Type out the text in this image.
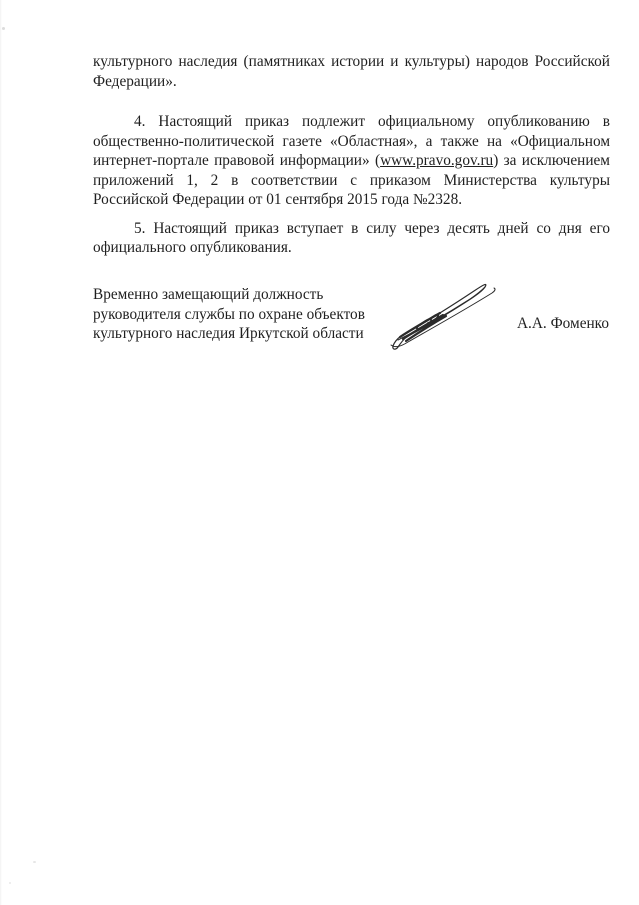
культурного наследия (памятниках истории и культуры) народов Российской Федерации».

4. Настоящий приказ подлежит официальному опубликованию в общественно-политической газете «Областная», а также на «Официальном интернет-портале правовой информации» (www.pravo.gov.ru) за исключением приложений 1, 2 в соответствии с приказом Министерства культуры Российской Федерации от 01 сентября 2015 года №2328.

5. Настоящий приказ вступает в силу через десять дней со дня его официального опубликования.

Временно замещающий должность
руководителя службы по охране объектов
культурного наследия Иркутской области
А.А. Фоменко
